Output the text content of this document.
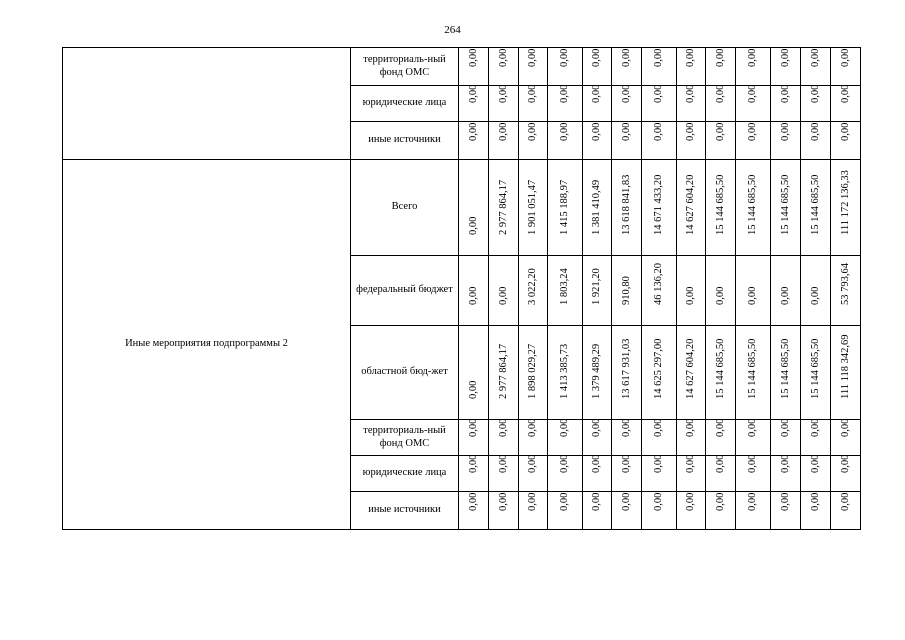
264
	территориаль-ный фонд ОМС	0,00	0,00	0,00	0,00	0,00	0,00	0,00	0,00	0,00	0,00	0,00	0,00	0,00

	юридические лица	0,00	0,00	0,00	0,00	0,00	0,00	0,00	0,00	0,00	0,00	0,00	0,00	0,00

	иные источники	0,00	0,00	0,00	0,00	0,00	0,00	0,00	0,00	0,00	0,00	0,00	0,00	0,00

Иные мероприятия подпрограммы 2	Всего	0,00	2 977 864,17	1 901 051,47	1 415 188,97	1 381 410,49	13 618 841,83	14 671 433,20	14 627 604,20	15 144 685,50	15 144 685,50	15 144 685,50	15 144 685,50	111 172 136,33

	федеральный бюджет	0,00	0,00	3 022,20	1 803,24	1 921,20	910,80	46 136,20	0,00	0,00	0,00	0,00	0,00	53 793,64

	областной бюд-жет	0,00	2 977 864,17	1 898 029,27	1 413 385,73	1 379 489,29	13 617 931,03	14 625 297,00	14 627 604,20	15 144 685,50	15 144 685,50	15 144 685,50	15 144 685,50	111 118 342,69

	территориаль-ный фонд ОМС	0,00	0,00	0,00	0,00	0,00	0,00	0,00	0,00	0,00	0,00	0,00	0,00	0,00

	юридические лица	0,00	0,00	0,00	0,00	0,00	0,00	0,00	0,00	0,00	0,00	0,00	0,00	0,00

	иные источники	0,00	0,00	0,00	0,00	0,00	0,00	0,00	0,00	0,00	0,00	0,00	0,00	0,00
